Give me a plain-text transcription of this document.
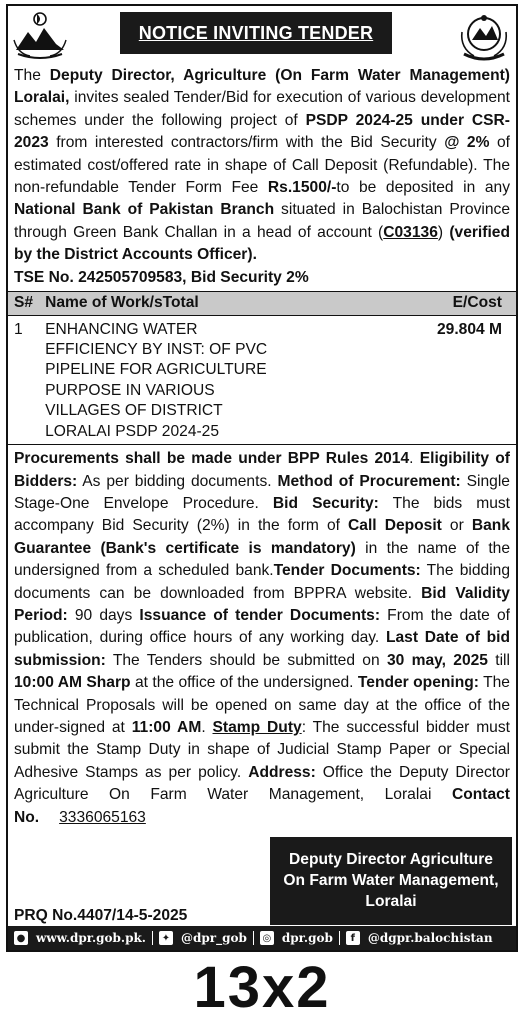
NOTICE INVITING TENDER

The Deputy Director, Agriculture (On Farm Water Management) Loralai, invites sealed Tender/Bid for execution of various development schemes under the following project of PSDP 2024-25 under CSR-2023 from interested contractors/firm with the Bid Security @ 2% of estimated cost/offered rate in shape of Call Deposit (Refundable). The non-refundable Tender Form Fee Rs.1500/-to be deposited in any National Bank of Pakistan Branch situated in Balochistan Province through Green Bank Challan in a head of account (C03136) (verified by the District Accounts Officer).

TSE No. 242505709583, Bid Security 2%
S#	Name of Work/sTotal	E/Cost
1	ENHANCING WATER EFFICIENCY BY INST: OF PVC PIPELINE FOR AGRICULTURE PURPOSE IN VARIOUS VILLAGES OF DISTRICT LORALAI PSDP 2024-25	29.804 M

Procurements shall be made under BPP Rules 2014. Eligibility of Bidders: As per bidding documents. Method of Procurement: Single Stage-One Envelope Procedure. Bid Security: The bids must accompany Bid Security (2%) in the form of Call Deposit or Bank Guarantee (Bank's certificate is mandatory) in the name of the undersigned from a scheduled bank.Tender Documents: The bidding documents can be downloaded from BPPRA website. Bid Validity Period: 90 days Issuance of tender Documents: From the date of publication, during office hours of any working day. Last Date of bid submission: The Tenders should be submitted on 30 may, 2025 till 10:00 AM Sharp at the office of the undersigned. Tender opening: The Technical Proposals will be opened on same day at the office of the under-signed at 11:00 AM. Stamp Duty: The successful bidder must submit the Stamp Duty in shape of Judicial Stamp Paper or Special Adhesive Stamps as per policy. Address: Office the Deputy Director Agriculture On Farm Water Management, Loralai Contact No. 3336065163

Deputy Director Agriculture
On Farm Water Management,
Loralai
PRQ No.4407/14-5-2025
● www.dpr.gob.pk. ✦ @dpr_gob ◎ dpr.gob	f	@dgpr.balochistan
13x2
